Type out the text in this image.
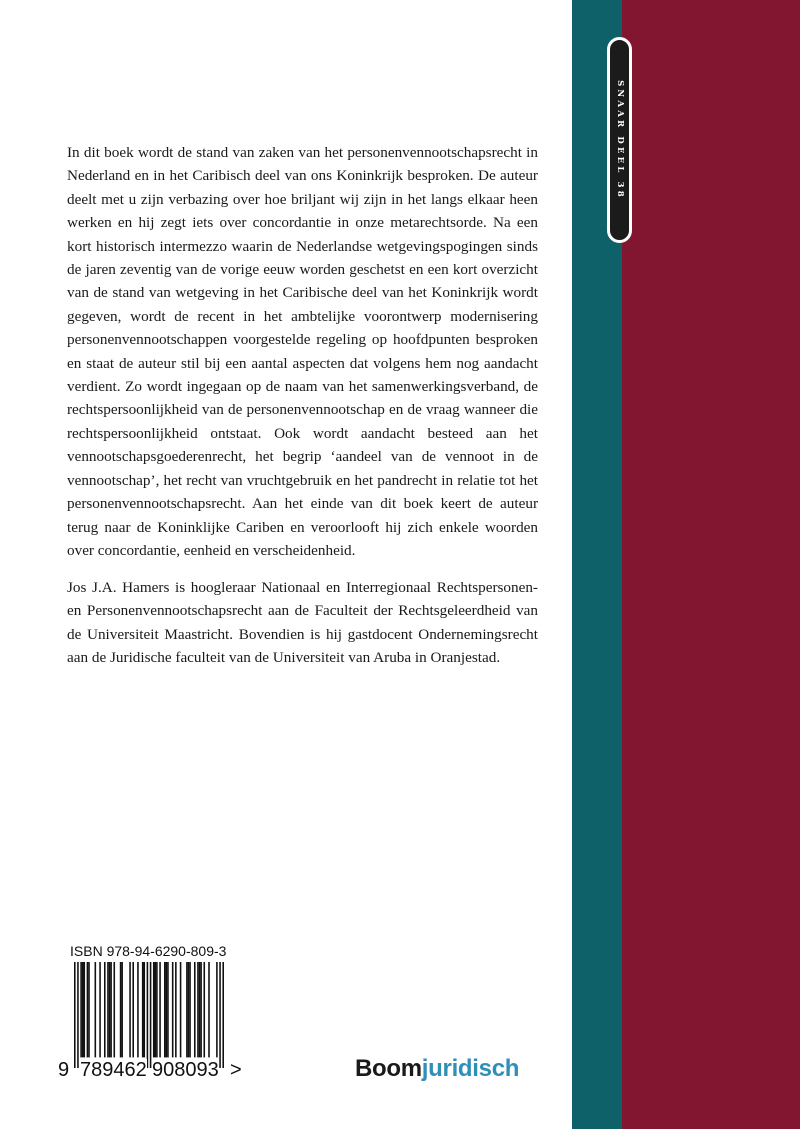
SNAAR DEEL 38

In dit boek wordt de stand van zaken van het personenvennootschapsrecht in Nederland en in het Caribisch deel van ons Koninkrijk besproken. De auteur deelt met u zijn verbazing over hoe briljant wij zijn in het langs elkaar heen werken en hij zegt iets over concordantie in onze metarechtsorde. Na een kort historisch intermezzo waarin de Nederlandse wetgevingspogingen sinds de jaren zeventig van de vorige eeuw worden geschetst en een kort overzicht van de stand van wetgeving in het Caribische deel van het Koninkrijk wordt gegeven, wordt de recent in het ambtelijke voorontwerp modernisering personenvennootschappen voorgestelde regeling op hoofdpunten besproken en staat de auteur stil bij een aantal aspecten dat volgens hem nog aandacht verdient. Zo wordt ingegaan op de naam van het samenwerkingsverband, de rechtspersoonlijkheid van de personenvennootschap en de vraag wanneer die rechtspersoonlijkheid ontstaat. Ook wordt aandacht besteed aan het vennootschapsgoederenrecht, het begrip ‘aandeel van de vennoot in de vennootschap’, het recht van vruchtgebruik en het pandrecht in relatie tot het personenvennootschapsrecht. Aan het einde van dit boek keert de auteur terug naar de Koninklijke Cariben en veroorlooft hij zich enkele woorden over concordantie, eenheid en verscheidenheid.

Jos J.A. Hamers is hoogleraar Nationaal en Interregionaal Rechtspersonen- en Personenvennootschapsrecht aan de Faculteit der Rechtsgeleerdheid van de Universiteit Maastricht. Bovendien is hij gastdocent Ondernemingsrecht aan de Juridische faculteit van de Universiteit van Aruba in Oranjestad.

ISBN 978-94-6290-809-3
9 789462 908093 >	Boomjuridisch
